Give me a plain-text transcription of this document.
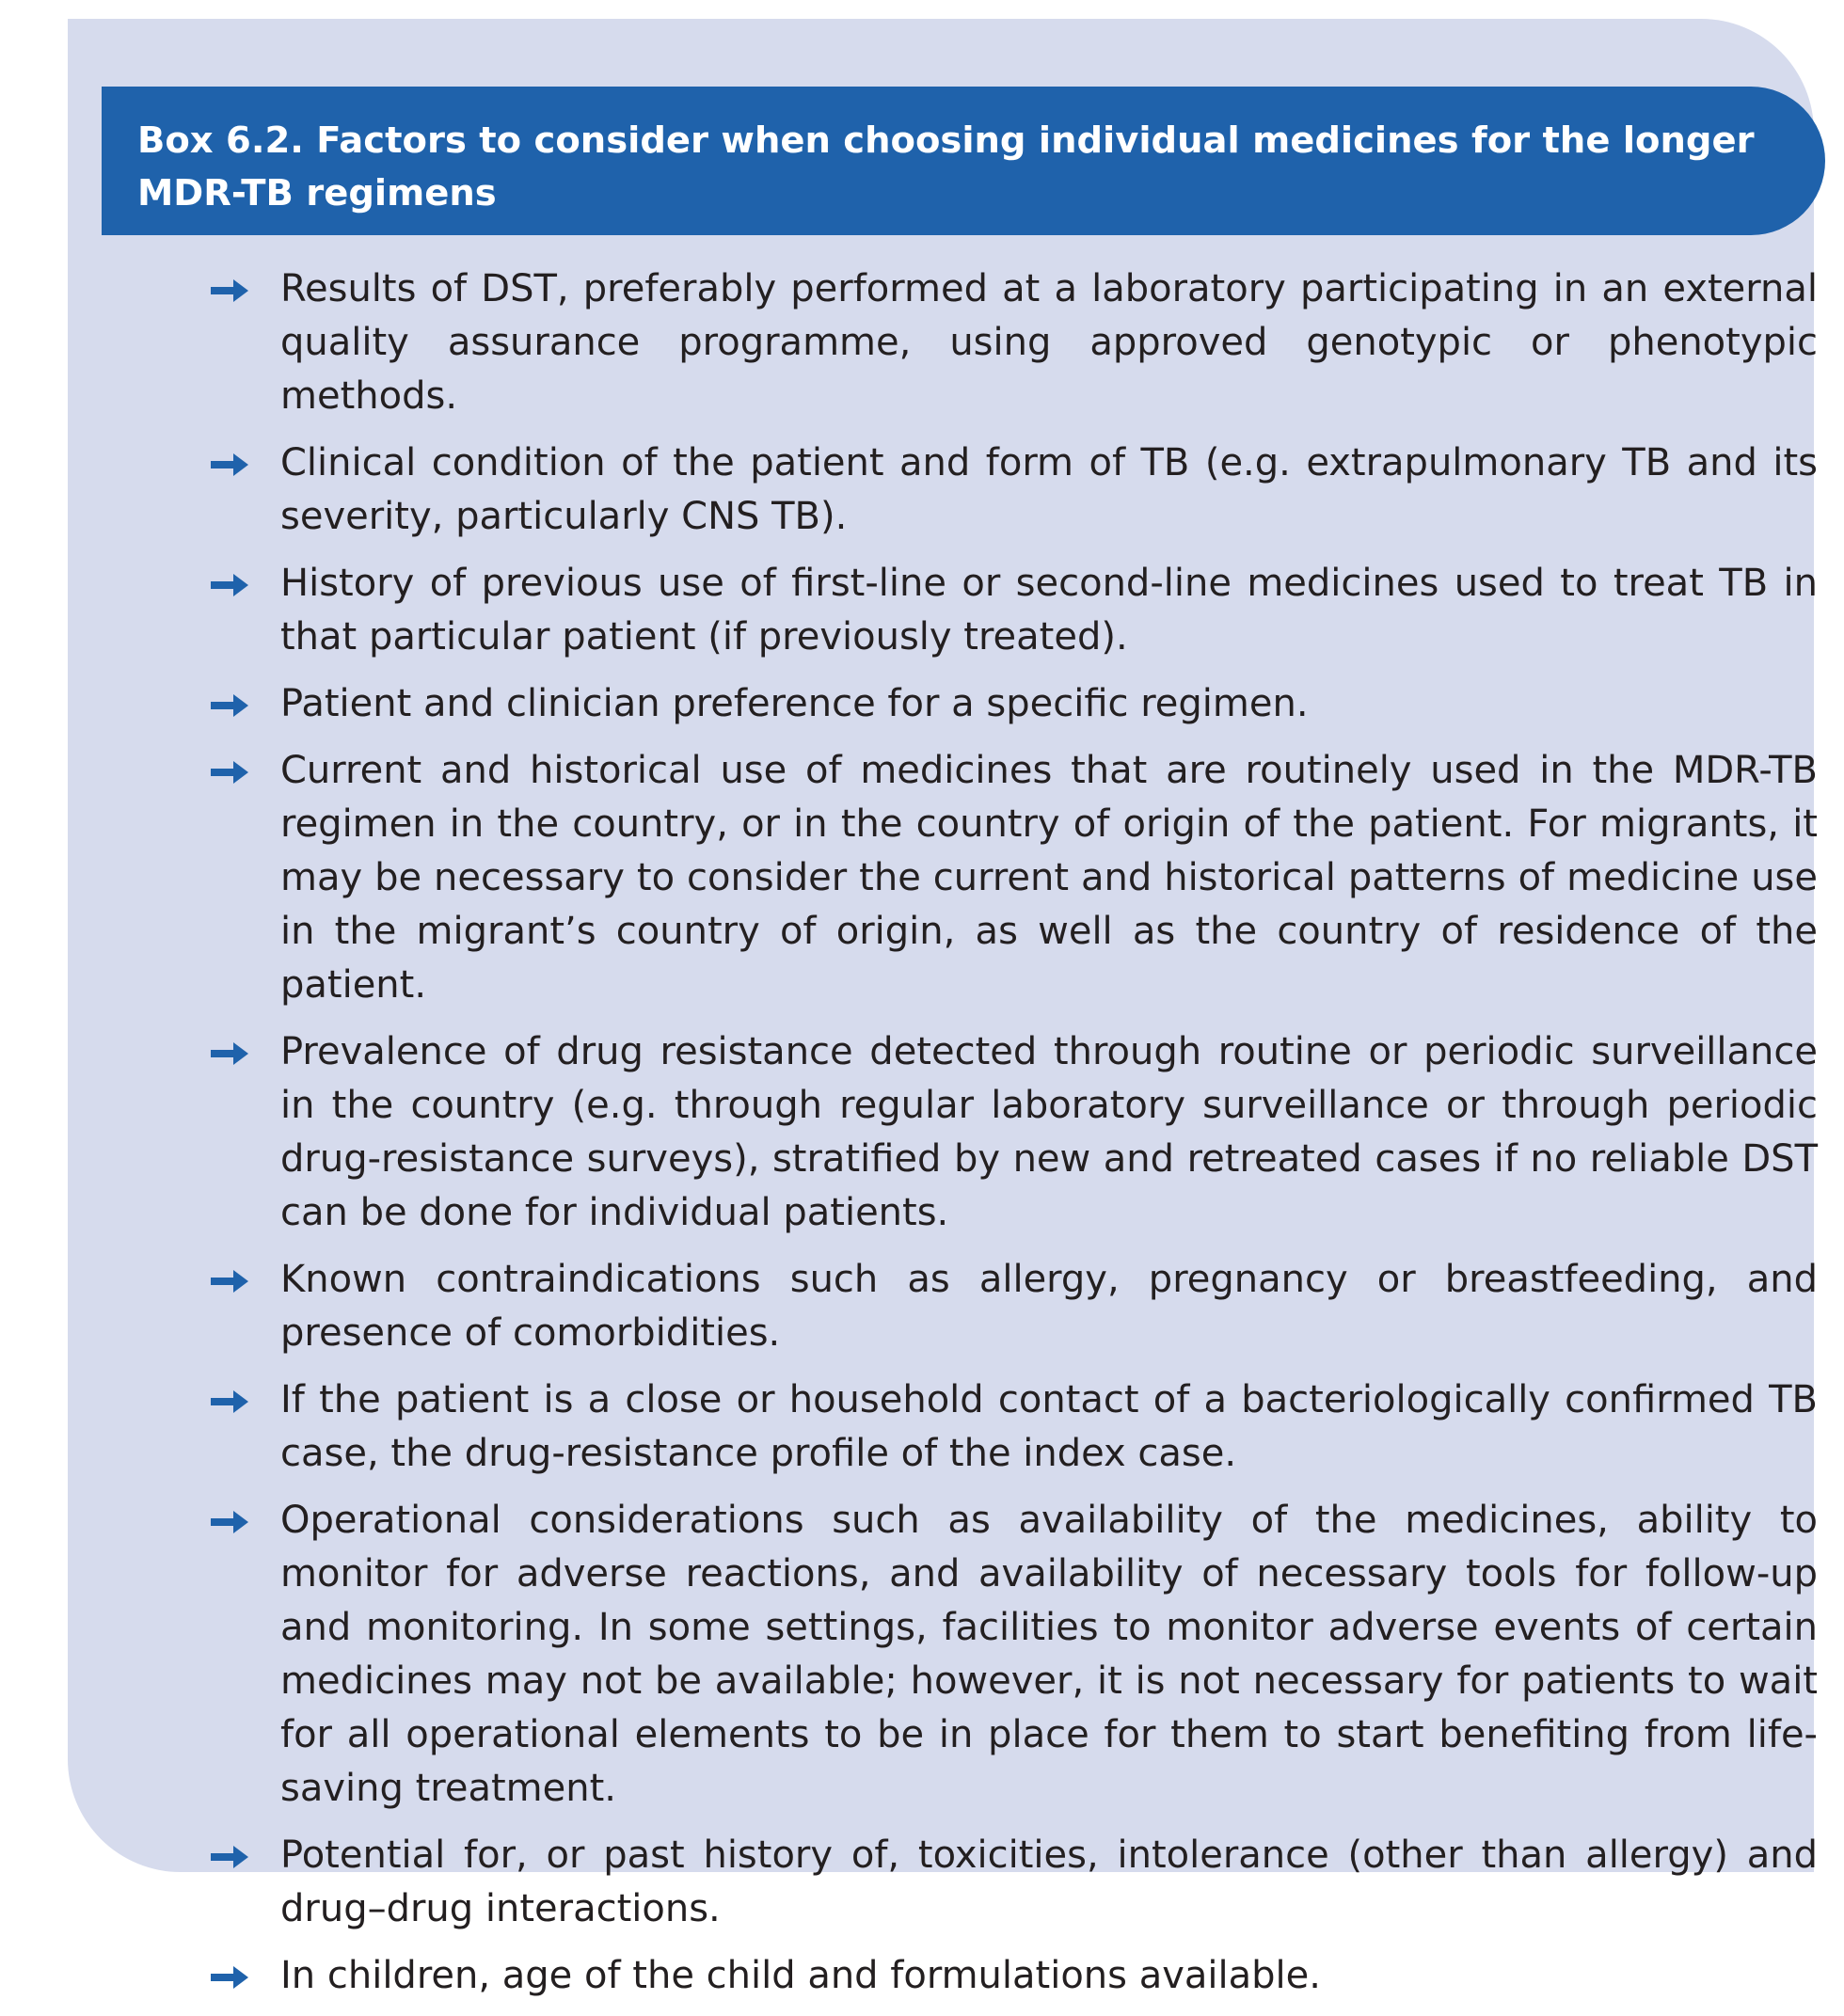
Box 6.2. Factors to consider when choosing individual medicines for the longer MDR-TB regimens
Results of DST, preferably performed at a laboratory participating in an external quality assurance programme, using approved genotypic or phenotypic methods.
Clinical condition of the patient and form of TB (e.g. extrapulmonary TB and its severity, particularly CNS TB).
History of previous use of first-line or second-line medicines used to treat TB in that particular patient (if previously treated).
Patient and clinician preference for a specific regimen.
Current and historical use of medicines that are routinely used in the MDR-TB regimen in the country, or in the country of origin of the patient. For migrants, it may be necessary to consider the current and historical patterns of medicine use in the migrant’s country of origin, as well as the country of residence of the patient.
Prevalence of drug resistance detected through routine or periodic surveillance in the country (e.g. through regular laboratory surveillance or through periodic drug-resistance surveys), stratified by new and retreated cases if no reliable DST can be done for individual patients.
Known contraindications such as allergy, pregnancy or breastfeeding, and presence of comorbidities.
If the patient is a close or household contact of a bacteriologically confirmed TB case, the drug-resistance profile of the index case.
Operational considerations such as availability of the medicines, ability to monitor for adverse reactions, and availability of necessary tools for follow-up and monitoring. In some settings, facilities to monitor adverse events of certain medicines may not be available; however, it is not necessary for patients to wait for all operational elements to be in place for them to start benefiting from life-saving treatment.
Potential for, or past history of, toxicities, intolerance (other than allergy) and drug–drug interactions.
In children, age of the child and formulations available.
